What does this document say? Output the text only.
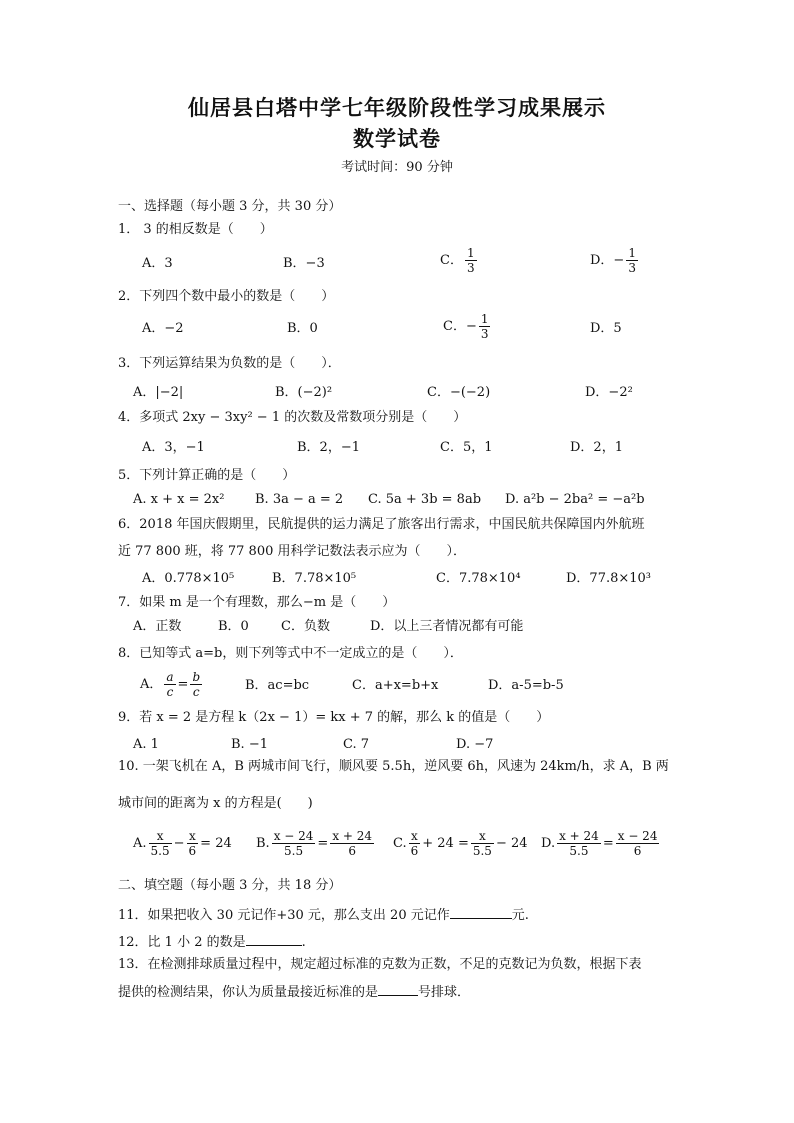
仙居县白塔中学七年级阶段性学习成果展示
数学试卷
考试时间：90 分钟
一、选择题（每小题 3 分，共 30 分）
1． 3 的相反数是（　　）
A．3	B．−3	C． $\frac{1}{3}$	D．− $\frac{1}{3}$
2．下列四个数中最小的数是（　　）
A．−2	B．0	C．− $\frac{1}{3}$	D．5
3．下列运算结果为负数的是（　　）．
A．|−2|	B．(−2)²	C．−(−2)	D．−2²
4．多项式 2xy − 3xy² − 1 的次数及常数项分别是（　　）
A．3，−1	B．2，−1	C．5，1	D．2，1
5．下列计算正确的是（　　）
A. x + x = 2x² B. 3a − a = 2 C. 5a + 3b = 8ab D. a²b − 2ba² = −a²b
6．2018 年国庆假期里，民航提供的运力满足了旅客出行需求，中国民航共保障国内外航班
近 77 800 班，将 77 800 用科学记数法表示应为（　　）．
A．0.778×10⁵	B．7.78×10⁵	C．7.78×10⁴	D．77.8×10³
7．如果 m 是一个有理数，那么−m 是（　　）
A．正数	B．0 C．负数	D．以上三者情况都有可能
8．已知等式 a=b，则下列等式中不一定成立的是（　　）．
A． $\frac{a}{c} = \frac{b}{c}$	B．ac=bc	C．a+x=b+x	D．a-5=b-5
9．若 x = 2 是方程 k（2x − 1）= kx + 7 的解，那么 k 的值是（　　）
A. 1	B. −1	C. 7	D. −7
10. 一架飞机在 A，B 两城市间飞行，顺风要 5.5h，逆风要 6h，风速为 24km/h，求 A，B 两
城市间的距离为 x 的方程是(　　)
A. $\frac{x}{5.5} - \frac{x}{6} = 24$ B. $\frac{x - 24}{5.5} = \frac{x + 24}{6} C$. $\frac{x}{6} + 24 = \frac{x}{5.5} - 24$ D. $\frac{x + 24}{5.5} = \frac{x - 24}{6}$
二、填空题（每小题 3 分，共 18 分）
11．如果把收入 30 元记作+30 元，那么支出 20 元记作	元.
12．比 1 小 2 的数是	.
13．在检测排球质量过程中，规定超过标准的克数为正数，不足的克数记为负数，根据下表
提供的检测结果，你认为质量最接近标准的是	号排球．
